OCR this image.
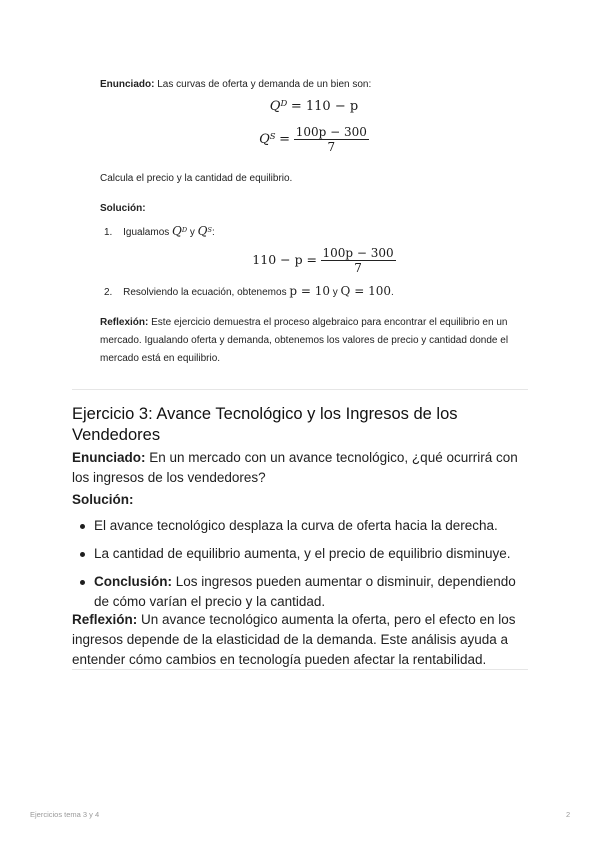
Enunciado: Las curvas de oferta y demanda de un bien son:
$Q^D = 110 - p$
$Q^S = \frac{100p - 300}{7}$
Calcula el precio y la cantidad de equilibrio.
Solución:
1. Igualamos $Q^D$ y $Q^S$:
$110 - p = \frac{100p - 300}{7}$
2. Resolviendo la ecuación, obtenemos p = 10 y Q = 100.
Reflexión: Este ejercicio demuestra el proceso algebraico para encontrar el equilibrio en un mercado. Igualando oferta y demanda, obtenemos los valores de precio y cantidad donde el mercado está en equilibrio.
Ejercicio 3: Avance Tecnológico y los Ingresos de los Vendedores
Enunciado: En un mercado con un avance tecnológico, ¿qué ocurrirá con los ingresos de los vendedores?
Solución:
El avance tecnológico desplaza la curva de oferta hacia la derecha.
La cantidad de equilibrio aumenta, y el precio de equilibrio disminuye.
Conclusión: Los ingresos pueden aumentar o disminuir, dependiendo de cómo varían el precio y la cantidad.
Reflexión: Un avance tecnológico aumenta la oferta, pero el efecto en los ingresos depende de la elasticidad de la demanda. Este análisis ayuda a entender cómo cambios en tecnología pueden afectar la rentabilidad.
Ejercicios tema 3 y 4	2
